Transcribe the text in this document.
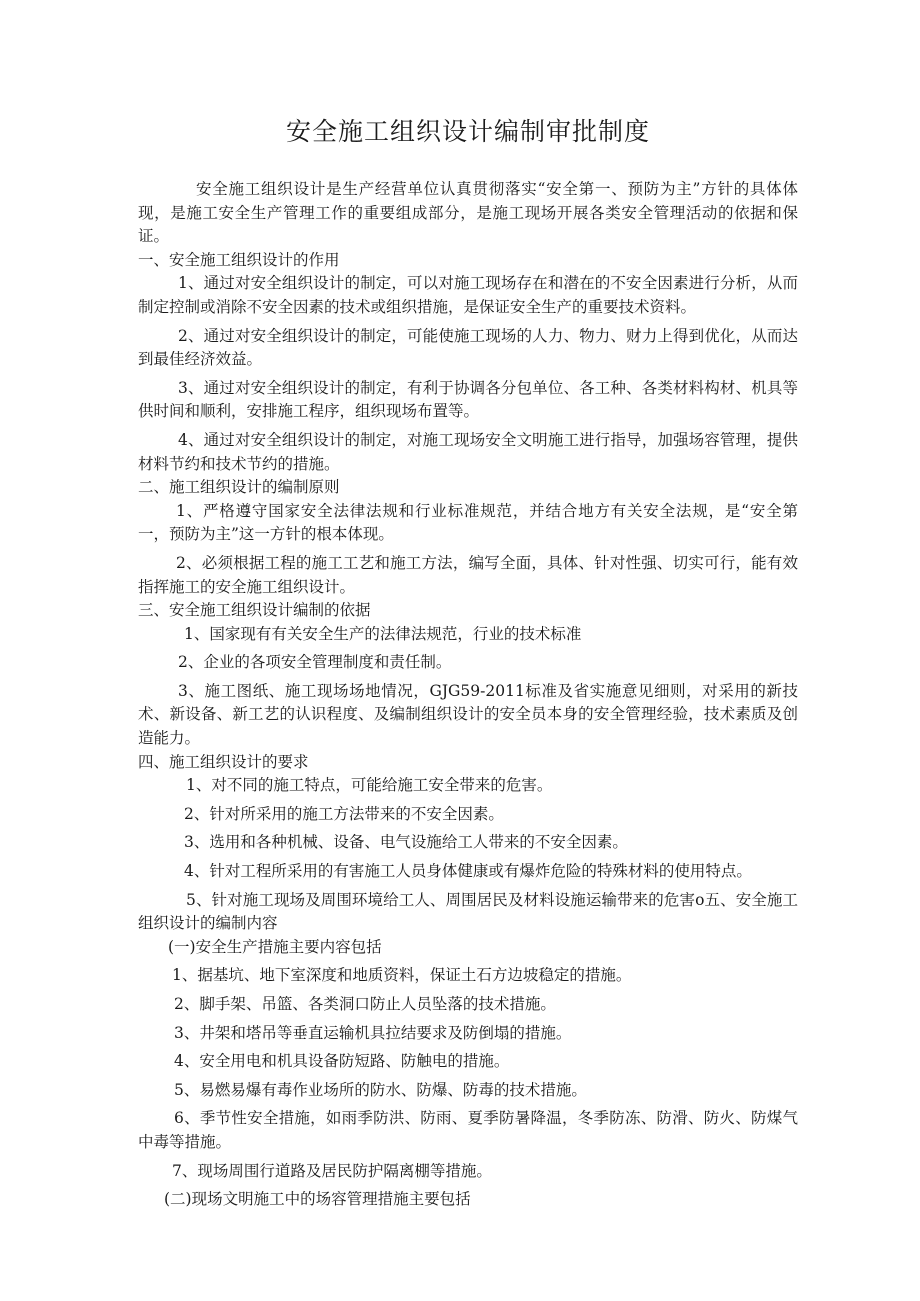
安全施工组织设计编制审批制度

安全施工组织设计是生产经营单位认真贯彻落实“安全第一、预防为主”方针的具体体现，是施工安全生产管理工作的重要组成部分，是施工现场开展各类安全管理活动的依据和保证。

一、安全施工组织设计的作用

1、通过对安全组织设计的制定，可以对施工现场存在和潜在的不安全因素进行分析，从而制定控制或消除不安全因素的技术或组织措施，是保证安全生产的重要技术资料。

2、通过对安全组织设计的制定，可能使施工现场的人力、物力、财力上得到优化，从而达到最佳经济效益。

3、通过对安全组织设计的制定，有利于协调各分包单位、各工种、各类材料构材、机具等供时间和顺利，安排施工程序，组织现场布置等。

4、通过对安全组织设计的制定，对施工现场安全文明施工进行指导，加强场容管理，提供材料节约和技术节约的措施。

二、施工组织设计的编制原则

1、严格遵守国家安全法律法规和行业标准规范，并结合地方有关安全法规，是“安全第一，预防为主”这一方针的根本体现。

2、必须根据工程的施工工艺和施工方法，编写全面，具体、针对性强、切实可行，能有效指挥施工的安全施工组织设计。

三、安全施工组织设计编制的依据

1、国家现有有关安全生产的法律法规范，行业的技术标准

2、企业的各项安全管理制度和责任制。

3、施工图纸、施工现场场地情况，GJG59-2011标准及省实施意见细则，对采用的新技术、新设备、新工艺的认识程度、及编制组织设计的安全员本身的安全管理经验，技术素质及创造能力。

四、施工组织设计的要求

1、对不同的施工特点，可能给施工安全带来的危害。

2、针对所采用的施工方法带来的不安全因素。

3、选用和各种机械、设备、电气设施给工人带来的不安全因素。

4、针对工程所采用的有害施工人员身体健康或有爆炸危险的特殊材料的使用特点。

5、针对施工现场及周围环境给工人、周围居民及材料设施运输带来的危害o五、安全施工组织设计的编制内容

(一)安全生产措施主要内容包括

1、据基坑、地下室深度和地质资料，保证土石方边坡稳定的措施。

2、脚手架、吊篮、各类洞口防止人员坠落的技术措施。

3、井架和塔吊等垂直运输机具拉结要求及防倒塌的措施。

4、安全用电和机具设备防短路、防触电的措施。

5、易燃易爆有毒作业场所的防水、防爆、防毒的技术措施。

6、季节性安全措施，如雨季防洪、防雨、夏季防暑降温，冬季防冻、防滑、防火、防煤气中毒等措施。

7、现场周围行道路及居民防护隔离棚等措施。

(二)现场文明施工中的场容管理措施主要包括
